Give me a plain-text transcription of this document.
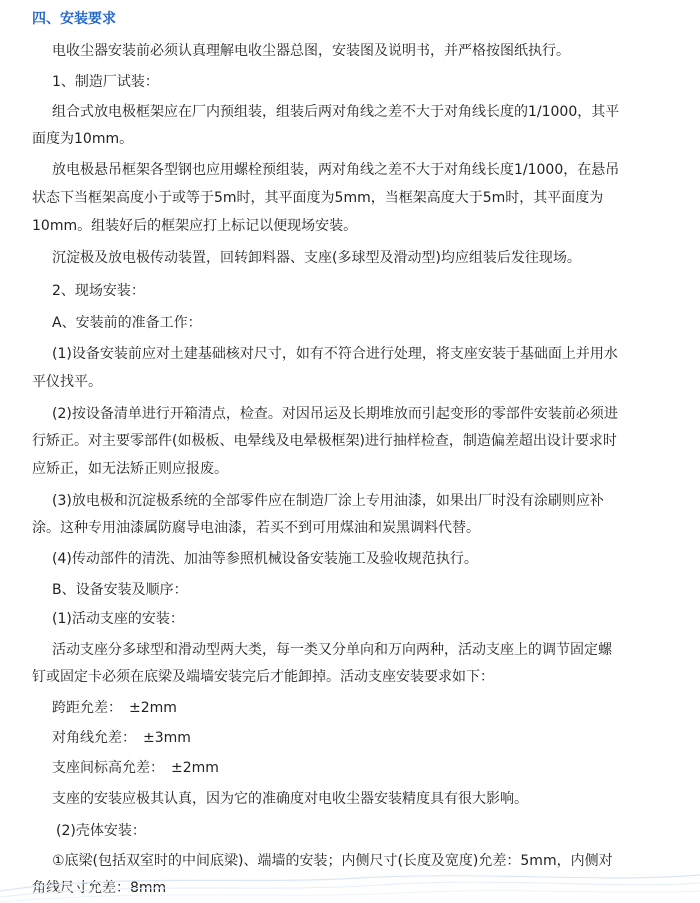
四、安装要求
电收尘器安装前必须认真理解电收尘器总图，安装图及说明书，并严格按图纸执行。
1、制造厂试装：
组合式放电极框架应在厂内预组装，组装后两对角线之差不大于对角线长度的1/1000，其平
面度为10mm。
放电极悬吊框架各型钢也应用螺栓预组装，两对角线之差不大于对角线长度1/1000，在悬吊
状态下当框架高度小于或等于5m时，其平面度为5mm，当框架高度大于5m时，其平面度为
10mm。组装好后的框架应打上标记以便现场安装。
沉淀极及放电极传动装置，回转卸料器、支座(多球型及滑动型)均应组装后发往现场。
2、现场安装：
A、安装前的准备工作：
(1)设备安装前应对土建基础核对尺寸，如有不符合进行处理，将支座安装于基础面上并用水
平仪找平。
(2)按设备清单进行开箱清点，检查。对因吊运及长期堆放而引起变形的零部件安装前必须进
行矫正。对主要零部件(如极板、电晕线及电晕极框架)进行抽样检查，制造偏差超出设计要求时
应矫正，如无法矫正则应报废。
(3)放电极和沉淀极系统的全部零件应在制造厂涂上专用油漆，如果出厂时没有涂刷则应补
涂。这种专用油漆属防腐导电油漆，若买不到可用煤油和炭黑调料代替。
(4)传动部件的清洗、加油等参照机械设备安装施工及验收规范执行。
B、设备安装及顺序：
(1)活动支座的安装：
活动支座分多球型和滑动型两大类，每一类又分单向和万向两种，活动支座上的调节固定螺
钉或固定卡必须在底梁及端墙安装完后才能卸掉。活动支座安装要求如下：
跨距允差：　±2mm
对角线允差：　±3mm
支座间标高允差：　±2mm
支座的安装应极其认真，因为它的准确度对电收尘器安装精度具有很大影响。
(2)壳体安装：
①底梁(包括双室时的中间底梁)、端墙的安装；内侧尺寸(长度及宽度)允差：5mm，内侧对
角线尺寸允差：8mm
